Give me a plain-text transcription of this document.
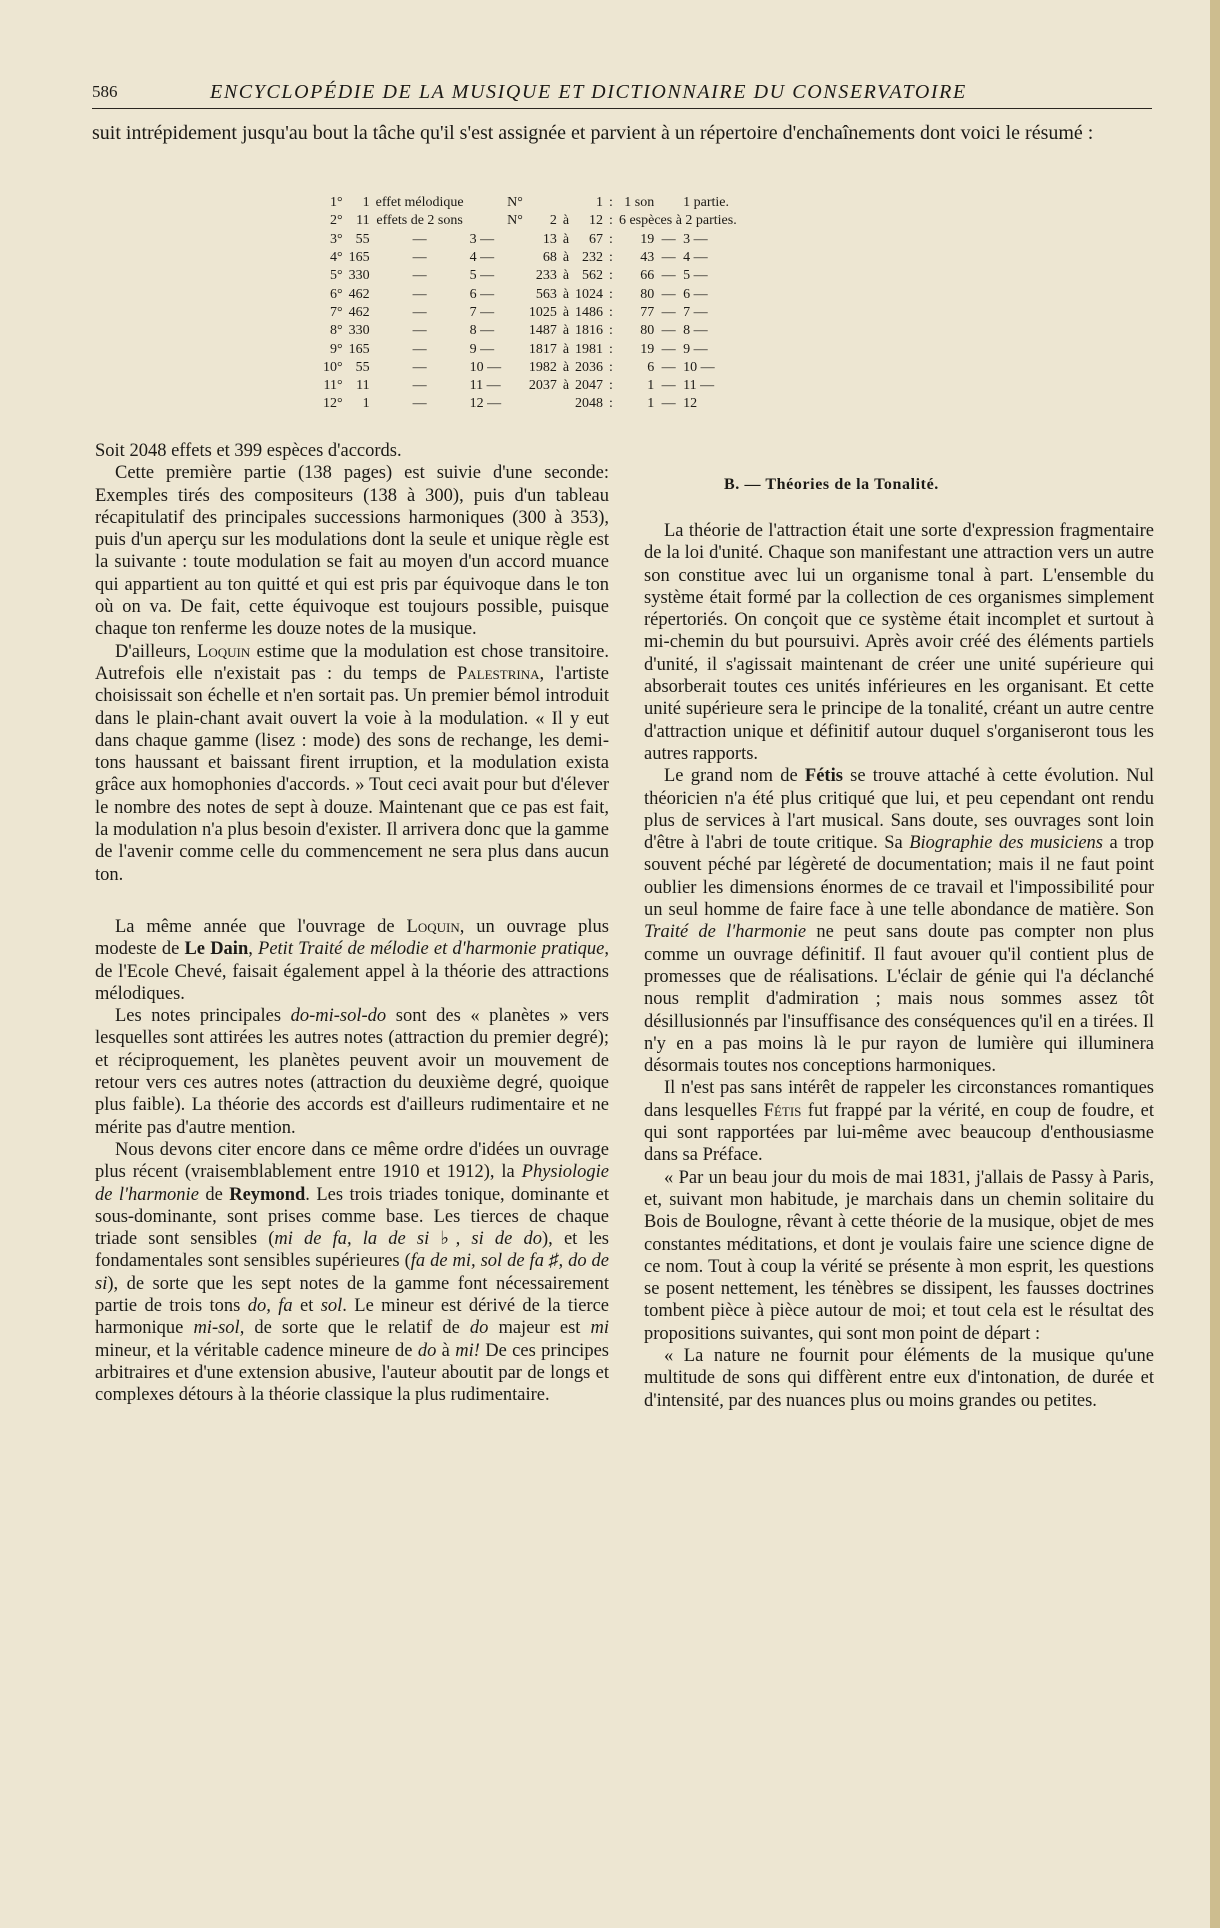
586	ENCYCLOPÉDIE DE LA MUSIQUE ET DICTIONNAIRE DU CONSERVATOIRE
suit intrépidement jusqu'au bout la tâche qu'il s'est assignée et parvient à un répertoire d'enchaînements dont voici le résumé :
1°	1	effet mélodique		N°			1	:	1 son		1 partie.
2°	11	effets de 2 sons		N°	2	à	12	:	6 espèces à 2 parties.		
3°	55	—	3 —		13	à	67	:	19	—	3 —
4°	165	—	4 —		68	à	232	:	43	—	4 —
5°	330	—	5 —		233	à	562	:	66	—	5 —
6°	462	—	6 —		563	à	1024	:	80	—	6 —
7°	462	—	7 —		1025	à	1486	:	77	—	7 —
8°	330	—	8 —		1487	à	1816	:	80	—	8 —
9°	165	—	9 —		1817	à	1981	:	19	—	9 —
10°	55	—	10 —		1982	à	2036	:	6	—	10 —
11°	11	—	11 —		2037	à	2047	:	1	—	11 —
12°	1	—	12 —				2048	:	1	—	12

Soit 2048 effets et 399 espèces d'accords.

Cette première partie (138 pages) est suivie d'une seconde: Exemples tirés des compositeurs (138 à 300), puis d'un tableau récapitulatif des principales successions harmoniques (300 à 353), puis d'un aperçu sur les modulations dont la seule et unique règle est la suivante : toute modulation se fait au moyen d'un accord muance qui appartient au ton quitté et qui est pris par équivoque dans le ton où on va. De fait, cette équivoque est toujours possible, puisque chaque ton renferme les douze notes de la musique.

D'ailleurs, Loquin estime que la modulation est chose transitoire. Autrefois elle n'existait pas : du temps de Palestrina, l'artiste choisissait son échelle et n'en sortait pas. Un premier bémol introduit dans le plain-chant avait ouvert la voie à la modulation. « Il y eut dans chaque gamme (lisez : mode) des sons de rechange, les demi-tons haussant et baissant firent irruption, et la modulation exista grâce aux homophonies d'accords. » Tout ceci avait pour but d'élever le nombre des notes de sept à douze. Maintenant que ce pas est fait, la modulation n'a plus besoin d'exister. Il arrivera donc que la gamme de l'avenir comme celle du commencement ne sera plus dans aucun ton.

La même année que l'ouvrage de Loquin, un ouvrage plus modeste de Le Dain, Petit Traité de mélodie et d'harmonie pratique, de l'Ecole Chevé, faisait également appel à la théorie des attractions mélodiques.

Les notes principales do-mi-sol-do sont des « planètes » vers lesquelles sont attirées les autres notes (attraction du premier degré); et réciproquement, les planètes peuvent avoir un mouvement de retour vers ces autres notes (attraction du deuxième degré, quoique plus faible). La théorie des accords est d'ailleurs rudimentaire et ne mérite pas d'autre mention.

Nous devons citer encore dans ce même ordre d'idées un ouvrage plus récent (vraisemblablement entre 1910 et 1912), la Physiologie de l'harmonie de Reymond. Les trois triades tonique, dominante et sous-dominante, sont prises comme base. Les tierces de chaque triade sont sensibles (mi de fa, la de si ♭, si de do), et les fondamentales sont sensibles supérieures (fa de mi, sol de fa ♯, do de si), de sorte que les sept notes de la gamme font nécessairement partie de trois tons do, fa et sol. Le mineur est dérivé de la tierce harmonique mi-sol, de sorte que le relatif de do majeur est mi mineur, et la véritable cadence mineure de do à mi! De ces principes arbitraires et d'une extension abusive, l'auteur aboutit par de longs et complexes détours à la théorie classique la plus rudimentaire.

B. — Théories de la Tonalité.

La théorie de l'attraction était une sorte d'expression fragmentaire de la loi d'unité. Chaque son manifestant une attraction vers un autre son constitue avec lui un organisme tonal à part. L'ensemble du système était formé par la collection de ces organismes simplement répertoriés. On conçoit que ce système était incomplet et surtout à mi-chemin du but poursuivi. Après avoir créé des éléments partiels d'unité, il s'agissait maintenant de créer une unité supérieure qui absorberait toutes ces unités inférieures en les organisant. Et cette unité supérieure sera le principe de la tonalité, créant un autre centre d'attraction unique et définitif autour duquel s'organiseront tous les autres rapports.

Le grand nom de Fétis se trouve attaché à cette évolution. Nul théoricien n'a été plus critiqué que lui, et peu cependant ont rendu plus de services à l'art musical. Sans doute, ses ouvrages sont loin d'être à l'abri de toute critique. Sa Biographie des musiciens a trop souvent péché par légèreté de documentation; mais il ne faut point oublier les dimensions énormes de ce travail et l'impossibilité pour un seul homme de faire face à une telle abondance de matière. Son Traité de l'harmonie ne peut sans doute pas compter non plus comme un ouvrage définitif. Il faut avouer qu'il contient plus de promesses que de réalisations. L'éclair de génie qui l'a déclanché nous remplit d'admiration ; mais nous sommes assez tôt désillusionnés par l'insuffisance des conséquences qu'il en a tirées. Il n'y en a pas moins là le pur rayon de lumière qui illuminera désormais toutes nos conceptions harmoniques.

Il n'est pas sans intérêt de rappeler les circonstances romantiques dans lesquelles Fétis fut frappé par la vérité, en coup de foudre, et qui sont rapportées par lui-même avec beaucoup d'enthousiasme dans sa Préface.

« Par un beau jour du mois de mai 1831, j'allais de Passy à Paris, et, suivant mon habitude, je marchais dans un chemin solitaire du Bois de Boulogne, rêvant à cette théorie de la musique, objet de mes constantes méditations, et dont je voulais faire une science digne de ce nom. Tout à coup la vérité se présente à mon esprit, les questions se posent nettement, les ténèbres se dissipent, les fausses doctrines tombent pièce à pièce autour de moi; et tout cela est le résultat des propositions suivantes, qui sont mon point de départ :

« La nature ne fournit pour éléments de la musique qu'une multitude de sons qui diffèrent entre eux d'intonation, de durée et d'intensité, par des nuances plus ou moins grandes ou petites.
